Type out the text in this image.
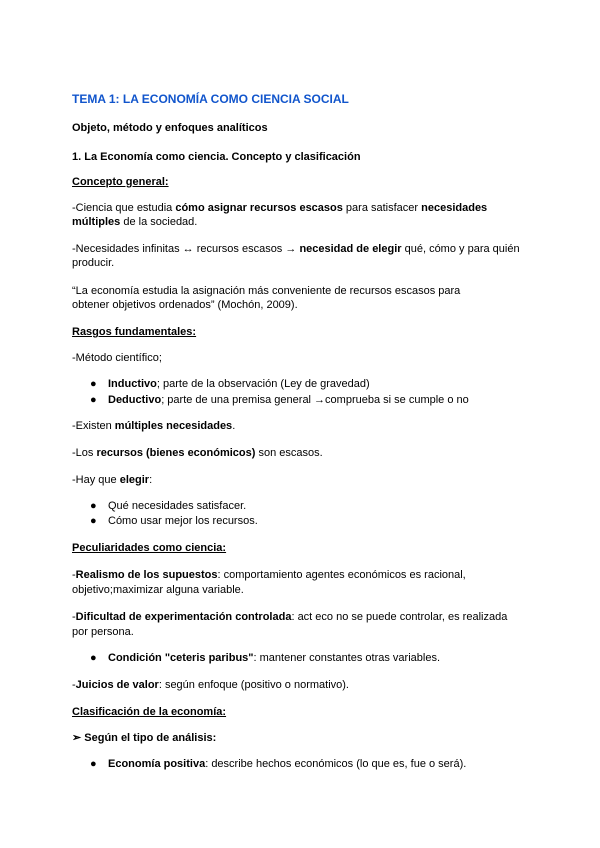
TEMA 1: LA ECONOMÍA COMO CIENCIA SOCIAL
Objeto, método y enfoques analíticos
1. La Economía como ciencia. Concepto y clasificación
Concepto general:
-Ciencia que estudia cómo asignar recursos escasos para satisfacer necesidades
múltiples de la sociedad.
-Necesidades infinitas ↔ recursos escasos → necesidad de elegir qué, cómo y para quién
producir.
“La economía estudia la asignación más conveniente de recursos escasos para
obtener objetivos ordenados” (Mochón, 2009).
Rasgos fundamentales:
-Método científico;
● Inductivo; parte de la observación (Ley de gravedad)
● Deductivo; parte de una premisa general →comprueba si se cumple o no
-Existen múltiples necesidades.
-Los recursos (bienes económicos) son escasos.
-Hay que elegir:
● Qué necesidades satisfacer.
● Cómo usar mejor los recursos.
Peculiaridades como ciencia:
-Realismo de los supuestos: comportamiento agentes económicos es racional,
objetivo;maximizar alguna variable.
-Dificultad de experimentación controlada: act eco no se puede controlar, es realizada
por persona.
● Condición "ceteris paribus": mantener constantes otras variables.
-Juicios de valor: según enfoque (positivo o normativo).
Clasificación de la economía:
➢ Según el tipo de análisis:
● Economía positiva: describe hechos económicos (lo que es, fue o será).
